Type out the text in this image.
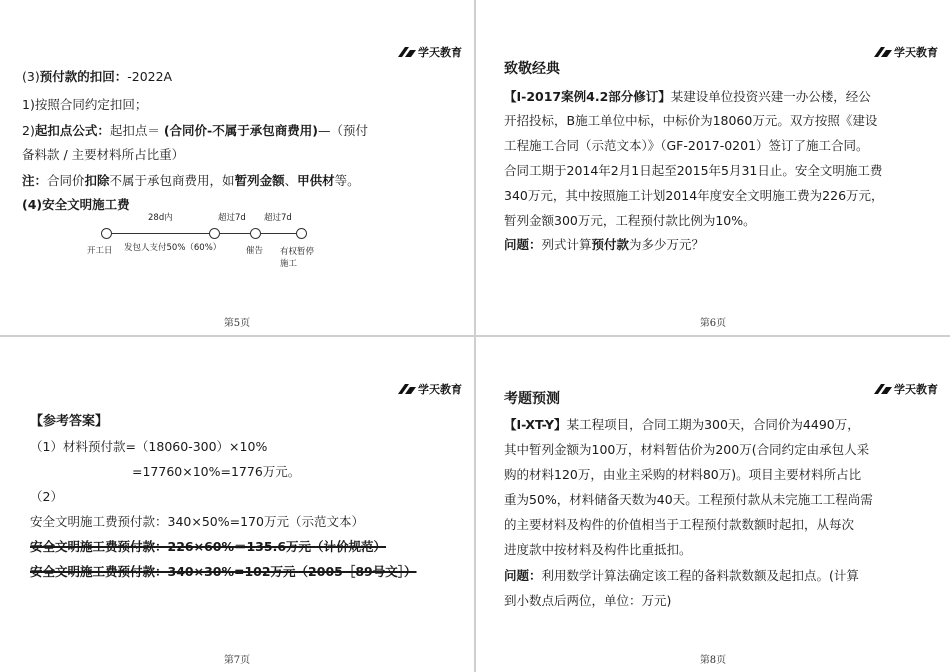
学天教育
(3)预付款的扣回：-2022A
1)按照合同约定扣回；
2)起扣点公式：起扣点＝ (合同价-不属于承包商费用)—（预付
备料款 / 主要材料所占比重）
注：合同价扣除不属于承包商费用，如暂列金额、甲供材等。
(4)安全文明施工费
28d内	超过7d 超过7d
开工日 发包人支付50%（60%）	催告 有权暂停
施工
第5页
学天教育
致敬经典
【Ⅰ-2017案例4.2部分修订】某建设单位投资兴建一办公楼，经公
开招投标，B施工单位中标，中标价为18060万元。双方按照《建设
工程施工合同（示范文本）》（GF-2017-0201）签订了施工合同。
合同工期于2014年2月1日起至2015年5月31日止。安全文明施工费
340万元，其中按照施工计划2014年度安全文明施工费为226万元，
暂列金额300万元，工程预付款比例为10%。
问题：列式计算预付款为多少万元？
第6页
学天教育
【参考答案】
（1）材料预付款=（18060-300）×10%
=17760×10%=1776万元。
（2）
安全文明施工费预付款：340×50%=170万元（示范文本）
安全文明施工费预付款：226×60%＝135.6万元（计价规范）
安全文明施工费预付款：340×30%=102万元（2005［89号文］）
第7页
学天教育
考题预测
【Ⅰ-XT-Y】某工程项目，合同工期为300天，合同价为4490万，
其中暂列金额为100万，材料暂估价为200万(合同约定由承包人采
购的材料120万，由业主采购的材料80万)。项目主要材料所占比
重为50%，材料储备天数为40天。工程预付款从未完施工工程尚需
的主要材料及构件的价值相当于工程预付款数额时起扣，从每次
进度款中按材料及构件比重抵扣。
问题：利用数学计算法确定该工程的备料款数额及起扣点。(计算
到小数点后两位，单位：万元)
第8页
